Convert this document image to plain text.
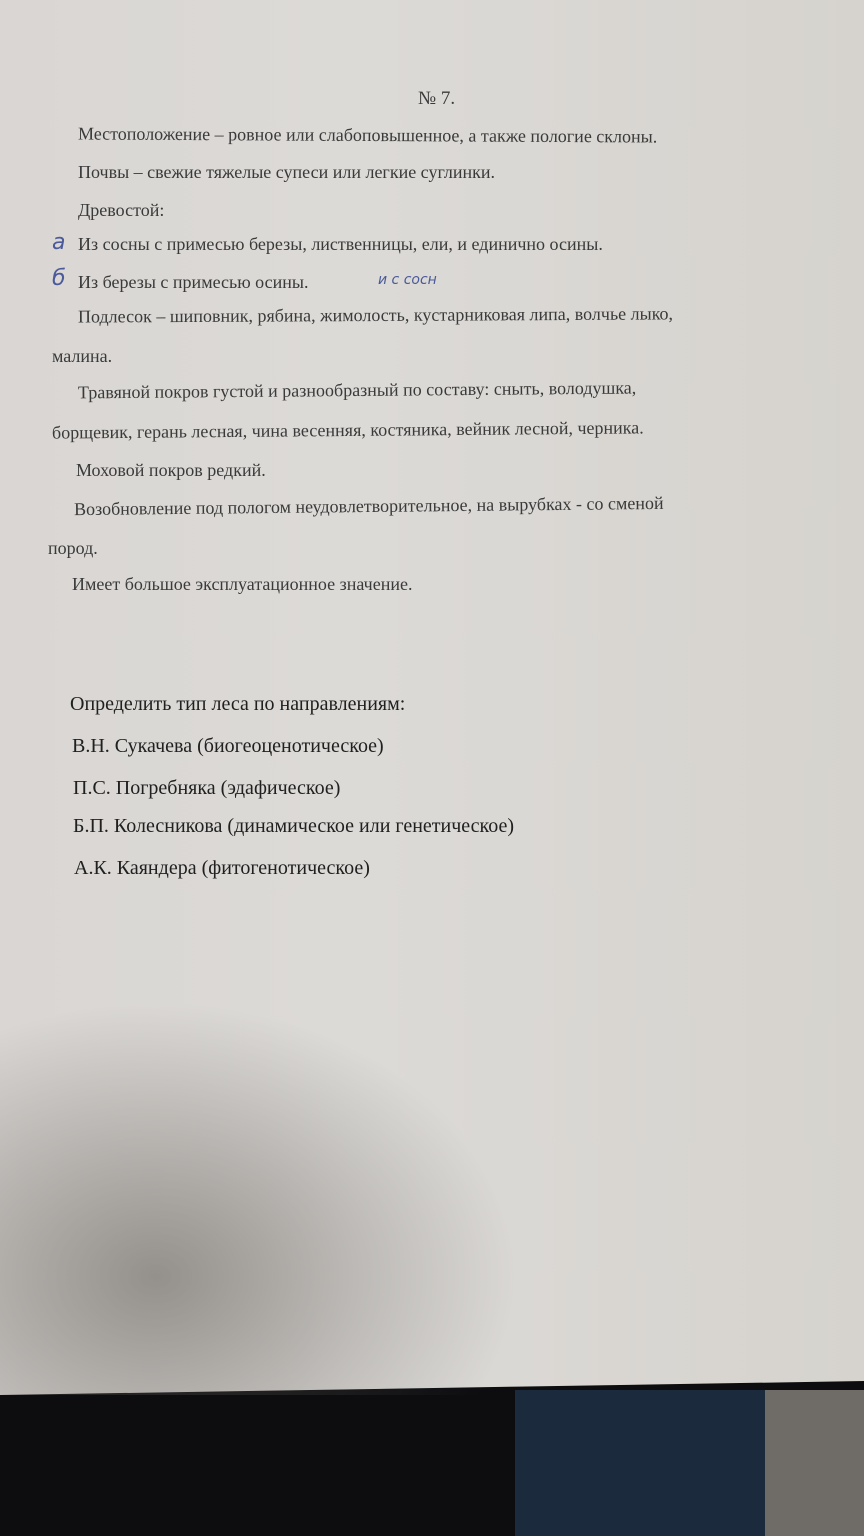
№ 7.
Местоположение – ровное или слабоповышенное, а также пологие склоны.
Почвы – свежие тяжелые супеси или легкие суглинки.
Древостой:
а Из сосны с примесью березы, лиственницы, ели, и единично осины.
б Из березы с примесью осины.	и с сосн
Подлесок – шиповник, рябина, жимолость, кустарниковая липа, волчье лыко,
малина.
Травяной покров густой и разнообразный по составу: сныть, володушка,
борщевик, герань лесная, чина весенняя, костяника, вейник лесной, черника.
Моховой покров редкий.
Возобновление под пологом неудовлетворительное, на вырубках - со сменой
пород.
Имеет большое эксплуатационное значение.
Определить тип леса по направлениям:
В.Н. Сукачева (биогеоценотическое)
П.С. Погребняка (эдафическое)
Б.П. Колесникова (динамическое или генетическое)
А.К. Каяндера (фитогенотическое)
